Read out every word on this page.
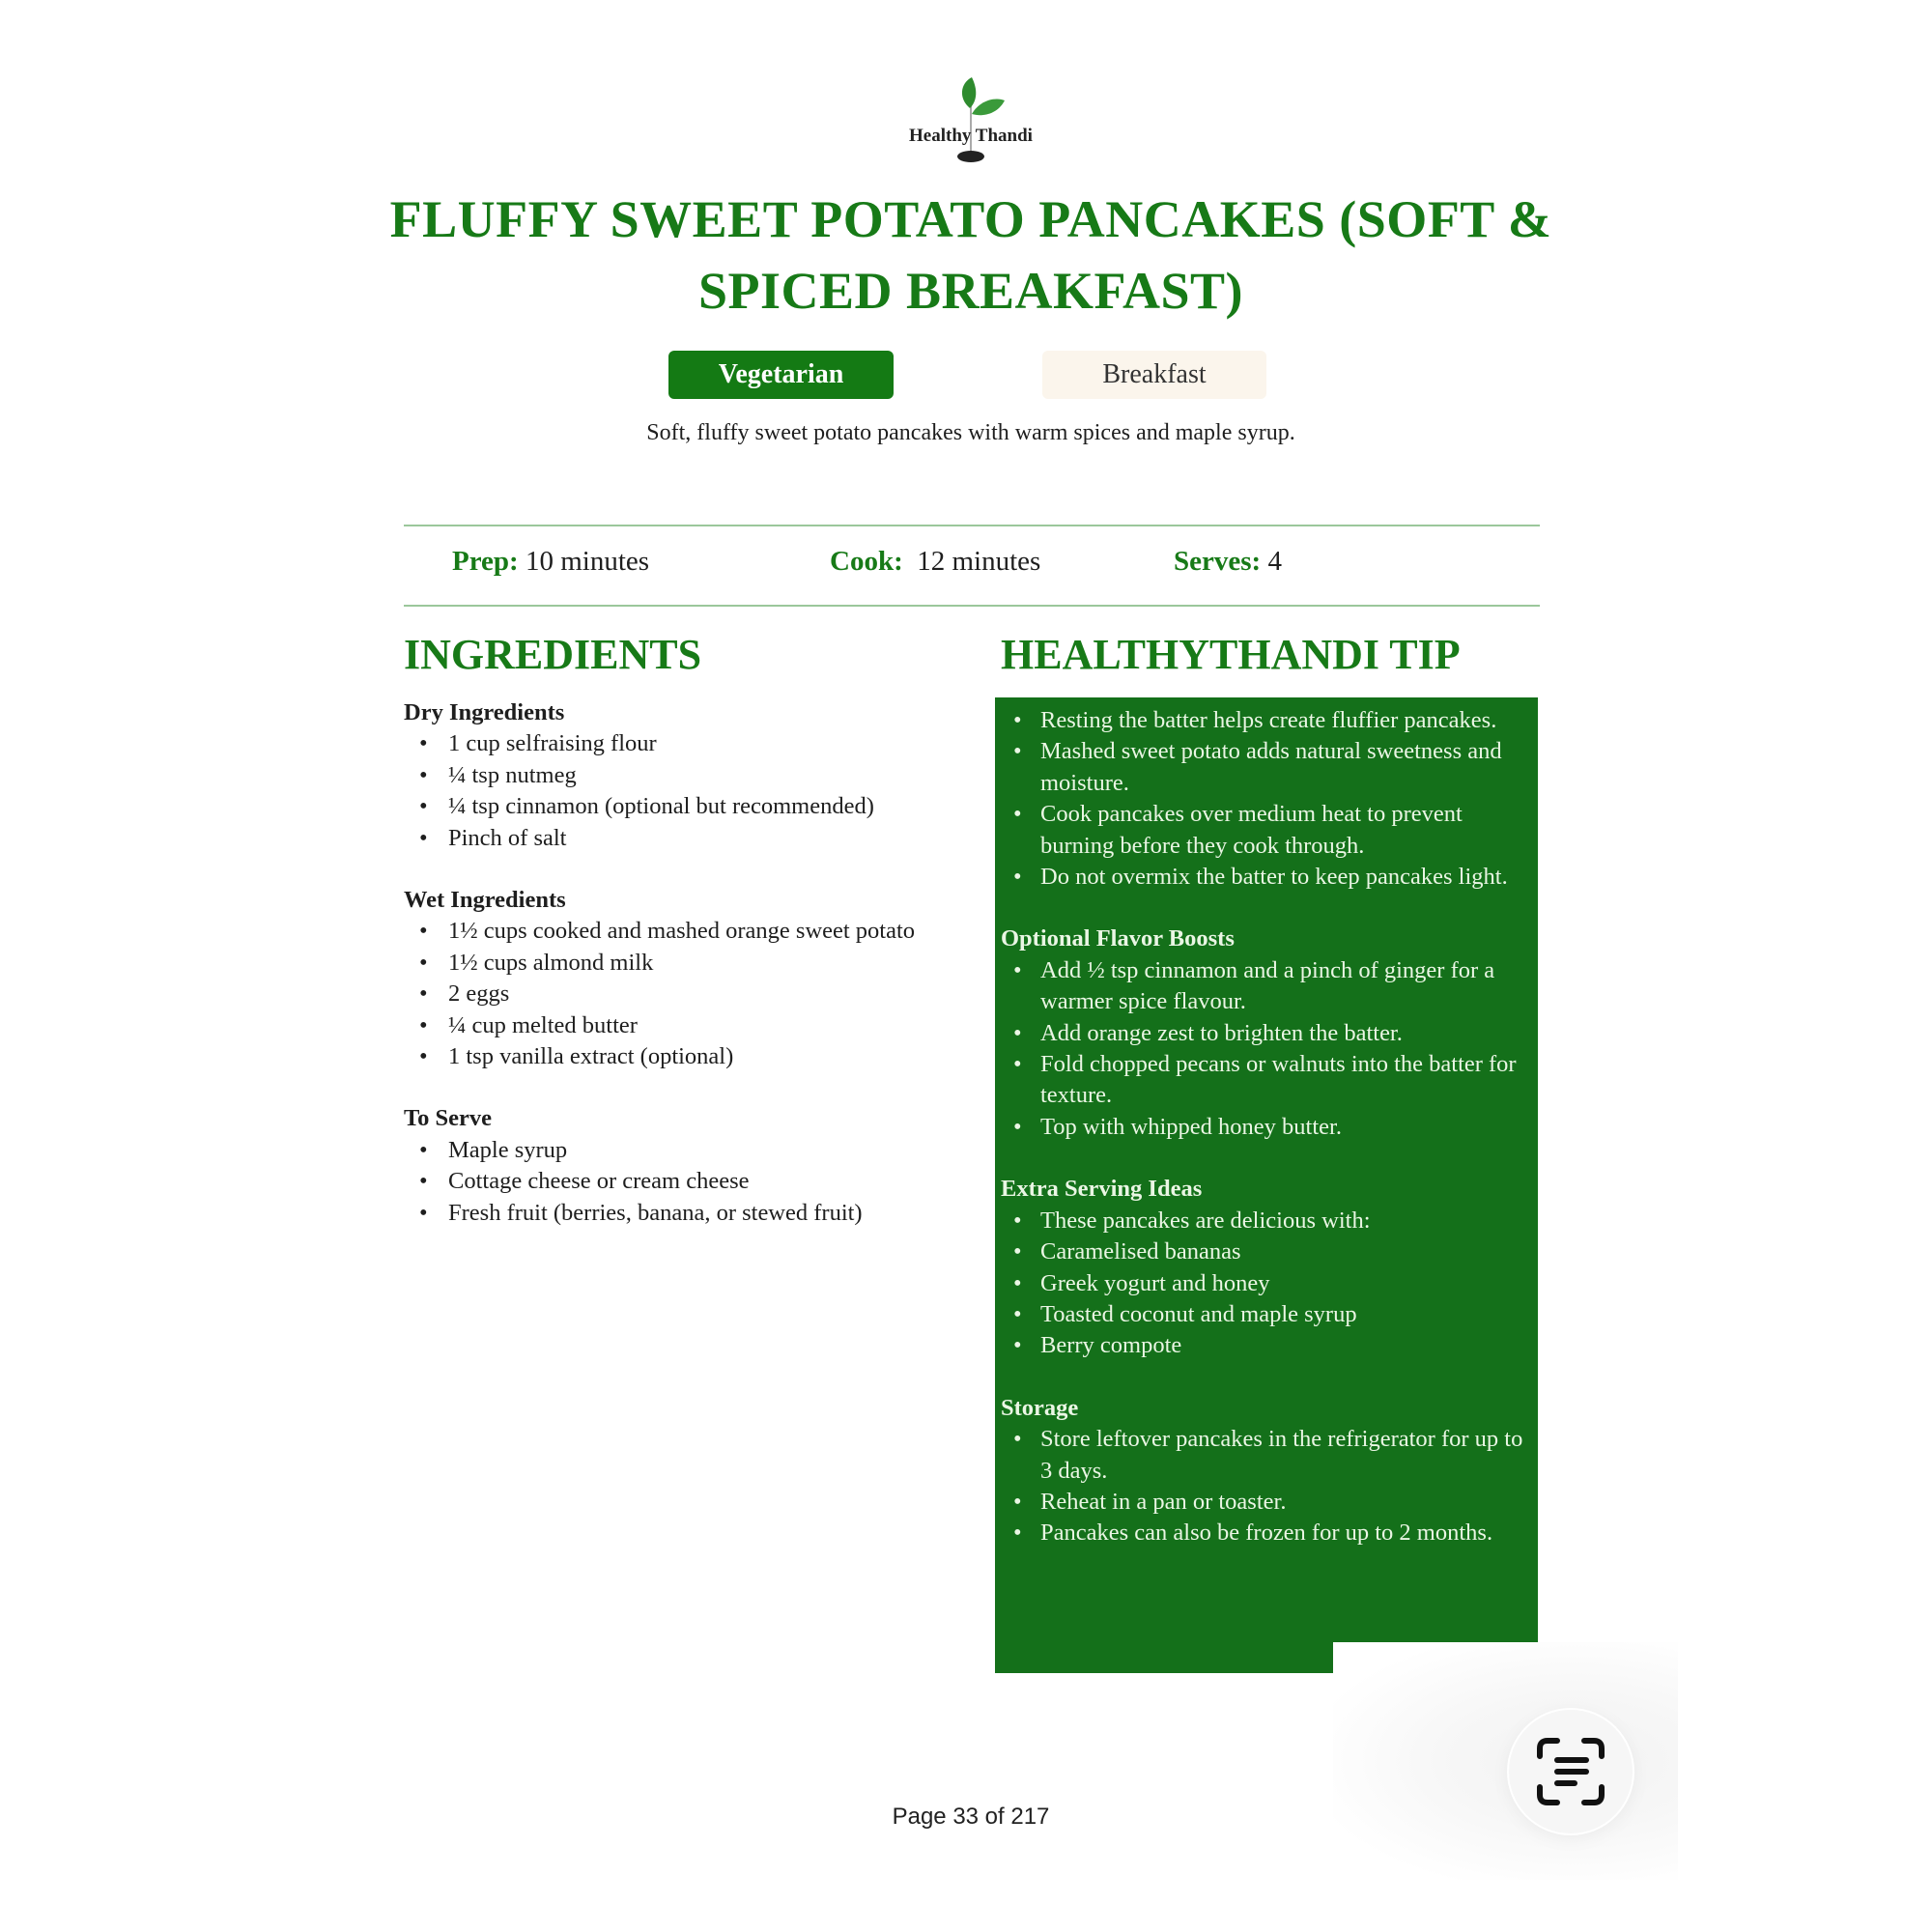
Healthy Thandi
FLUFFY SWEET POTATO PANCAKES (SOFT & SPICED BREAKFAST)
Vegetarian	Breakfast
Soft, fluffy sweet potato pancakes with warm spices and maple syrup.
Prep: 10 minutes	Cook: 12 minutes	Serves: 4
INGREDIENTS	HEALTHYTHANDI TIP
Dry Ingredients
• 1 cup selfraising flour
• ¼ tsp nutmeg
• ¼ tsp cinnamon (optional but recommended)
• Pinch of salt
Wet Ingredients
• 1½ cups cooked and mashed orange sweet potato
• 1½ cups almond milk
• 2 eggs
• ¼ cup melted butter
• 1 tsp vanilla extract (optional)
To Serve
• Maple syrup
• Cottage cheese or cream cheese
• Fresh fruit (berries, banana, or stewed fruit)
• Resting the batter helps create fluffier pancakes.
• Mashed sweet potato adds natural sweetness and moisture.
• Cook pancakes over medium heat to prevent burning before they cook through.
• Do not overmix the batter to keep pancakes light.
Optional Flavor Boosts
• Add ½ tsp cinnamon and a pinch of ginger for a warmer spice flavour.
• Add orange zest to brighten the batter.
• Fold chopped pecans or walnuts into the batter for texture.
• Top with whipped honey butter.
Extra Serving Ideas
• These pancakes are delicious with:
• Caramelised bananas
• Greek yogurt and honey
• Toasted coconut and maple syrup
• Berry compote
Storage
• Store leftover pancakes in the refrigerator for up to 3 days.
• Reheat in a pan or toaster.
• Pancakes can also be frozen for up to 2 months.
Page 33 of 217
